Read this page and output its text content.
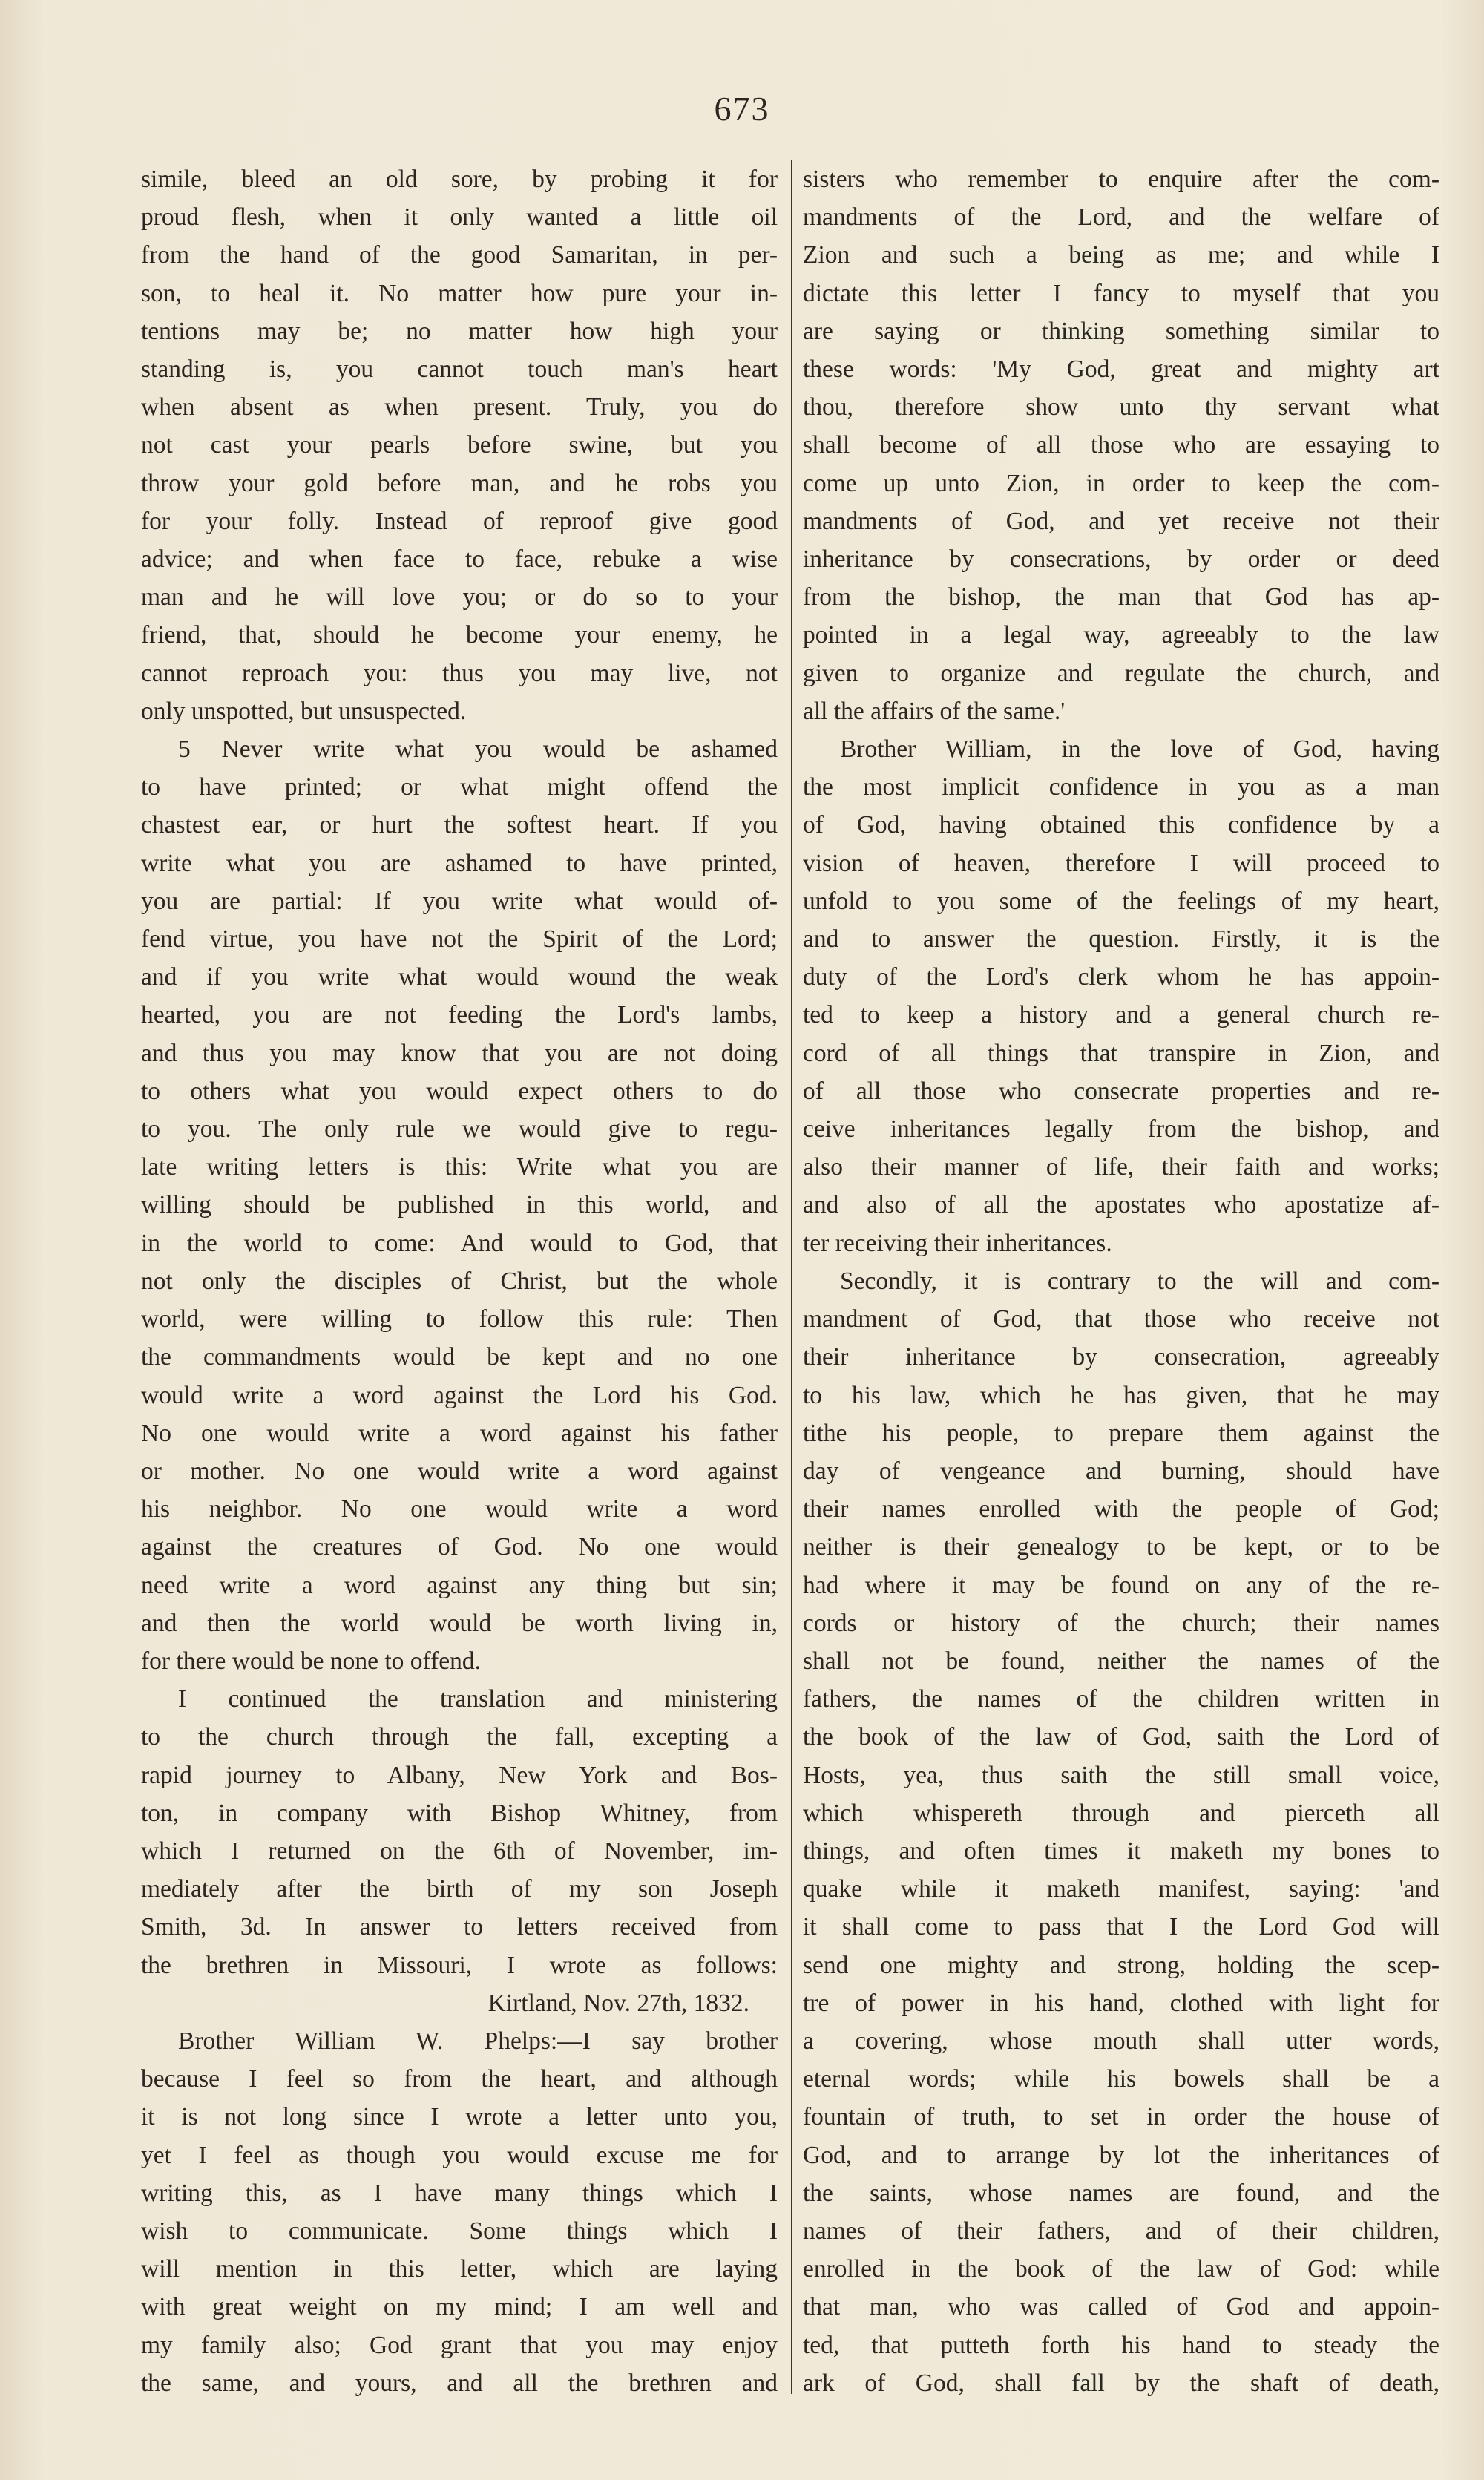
673
simile, bleed an old sore, by probing it for
proud flesh, when it only wanted a little oil
from the hand of the good Samaritan, in per-
son, to heal it. No matter how pure your in-
tentions may be; no matter how high your
standing is, you cannot touch man's heart
when absent as when present. Truly, you do
not cast your pearls before swine, but you
throw your gold before man, and he robs you
for your folly. Instead of reproof give good
advice; and when face to face, rebuke a wise
man and he will love you; or do so to your
friend, that, should he become your enemy, he
cannot reproach you: thus you may live, not
only unspotted, but unsuspected.
5 Never write what you would be ashamed
to have printed; or what might offend the
chastest ear, or hurt the softest heart. If you
write what you are ashamed to have printed,
you are partial: If you write what would of-
fend virtue, you have not the Spirit of the Lord;
and if you write what would wound the weak
hearted, you are not feeding the Lord's lambs,
and thus you may know that you are not doing
to others what you would expect others to do
to you. The only rule we would give to regu-
late writing letters is this: Write what you are
willing should be published in this world, and
in the world to come: And would to God, that
not only the disciples of Christ, but the whole
world, were willing to follow this rule: Then
the commandments would be kept and no one
would write a word against the Lord his God.
No one would write a word against his father
or mother. No one would write a word against
his neighbor. No one would write a word
against the creatures of God. No one would
need write a word against any thing but sin;
and then the world would be worth living in,
for there would be none to offend.
I continued the translation and ministering
to the church through the fall, excepting a
rapid journey to Albany, New York and Bos-
ton, in company with Bishop Whitney, from
which I returned on the 6th of November, im-
mediately after the birth of my son Joseph
Smith, 3d. In answer to letters received from
the brethren in Missouri, I wrote as follows:
Kirtland, Nov. 27th, 1832.
Brother William W. Phelps:—I say brother
because I feel so from the heart, and although
it is not long since I wrote a letter unto you,
yet I feel as though you would excuse me for
writing this, as I have many things which I
wish to communicate. Some things which I
will mention in this letter, which are laying
with great weight on my mind; I am well and
my family also; God grant that you may enjoy
the same, and yours, and all the brethren and
sisters who remember to enquire after the com-
mandments of the Lord, and the welfare of
Zion and such a being as me; and while I
dictate this letter I fancy to myself that you
are saying or thinking something similar to
these words: 'My God, great and mighty art
thou, therefore show unto thy servant what
shall become of all those who are essaying to
come up unto Zion, in order to keep the com-
mandments of God, and yet receive not their
inheritance by consecrations, by order or deed
from the bishop, the man that God has ap-
pointed in a legal way, agreeably to the law
given to organize and regulate the church, and
all the affairs of the same.'
Brother William, in the love of God, having
the most implicit confidence in you as a man
of God, having obtained this confidence by a
vision of heaven, therefore I will proceed to
unfold to you some of the feelings of my heart,
and to answer the question. Firstly, it is the
duty of the Lord's clerk whom he has appoin-
ted to keep a history and a general church re-
cord of all things that transpire in Zion, and
of all those who consecrate properties and re-
ceive inheritances legally from the bishop, and
also their manner of life, their faith and works;
and also of all the apostates who apostatize af-
ter receiving their inheritances.
Secondly, it is contrary to the will and com-
mandment of God, that those who receive not
their inheritance by consecration, agreeably
to his law, which he has given, that he may
tithe his people, to prepare them against the
day of vengeance and burning, should have
their names enrolled with the people of God;
neither is their genealogy to be kept, or to be
had where it may be found on any of the re-
cords or history of the church; their names
shall not be found, neither the names of the
fathers, the names of the children written in
the book of the law of God, saith the Lord of
Hosts, yea, thus saith the still small voice,
which whispereth through and pierceth all
things, and often times it maketh my bones to
quake while it maketh manifest, saying: 'and
it shall come to pass that I the Lord God will
send one mighty and strong, holding the scep-
tre of power in his hand, clothed with light for
a covering, whose mouth shall utter words,
eternal words; while his bowels shall be a
fountain of truth, to set in order the house of
God, and to arrange by lot the inheritances of
the saints, whose names are found, and the
names of their fathers, and of their children,
enrolled in the book of the law of God: while
that man, who was called of God and appoin-
ted, that putteth forth his hand to steady the
ark of God, shall fall by the shaft of death,
